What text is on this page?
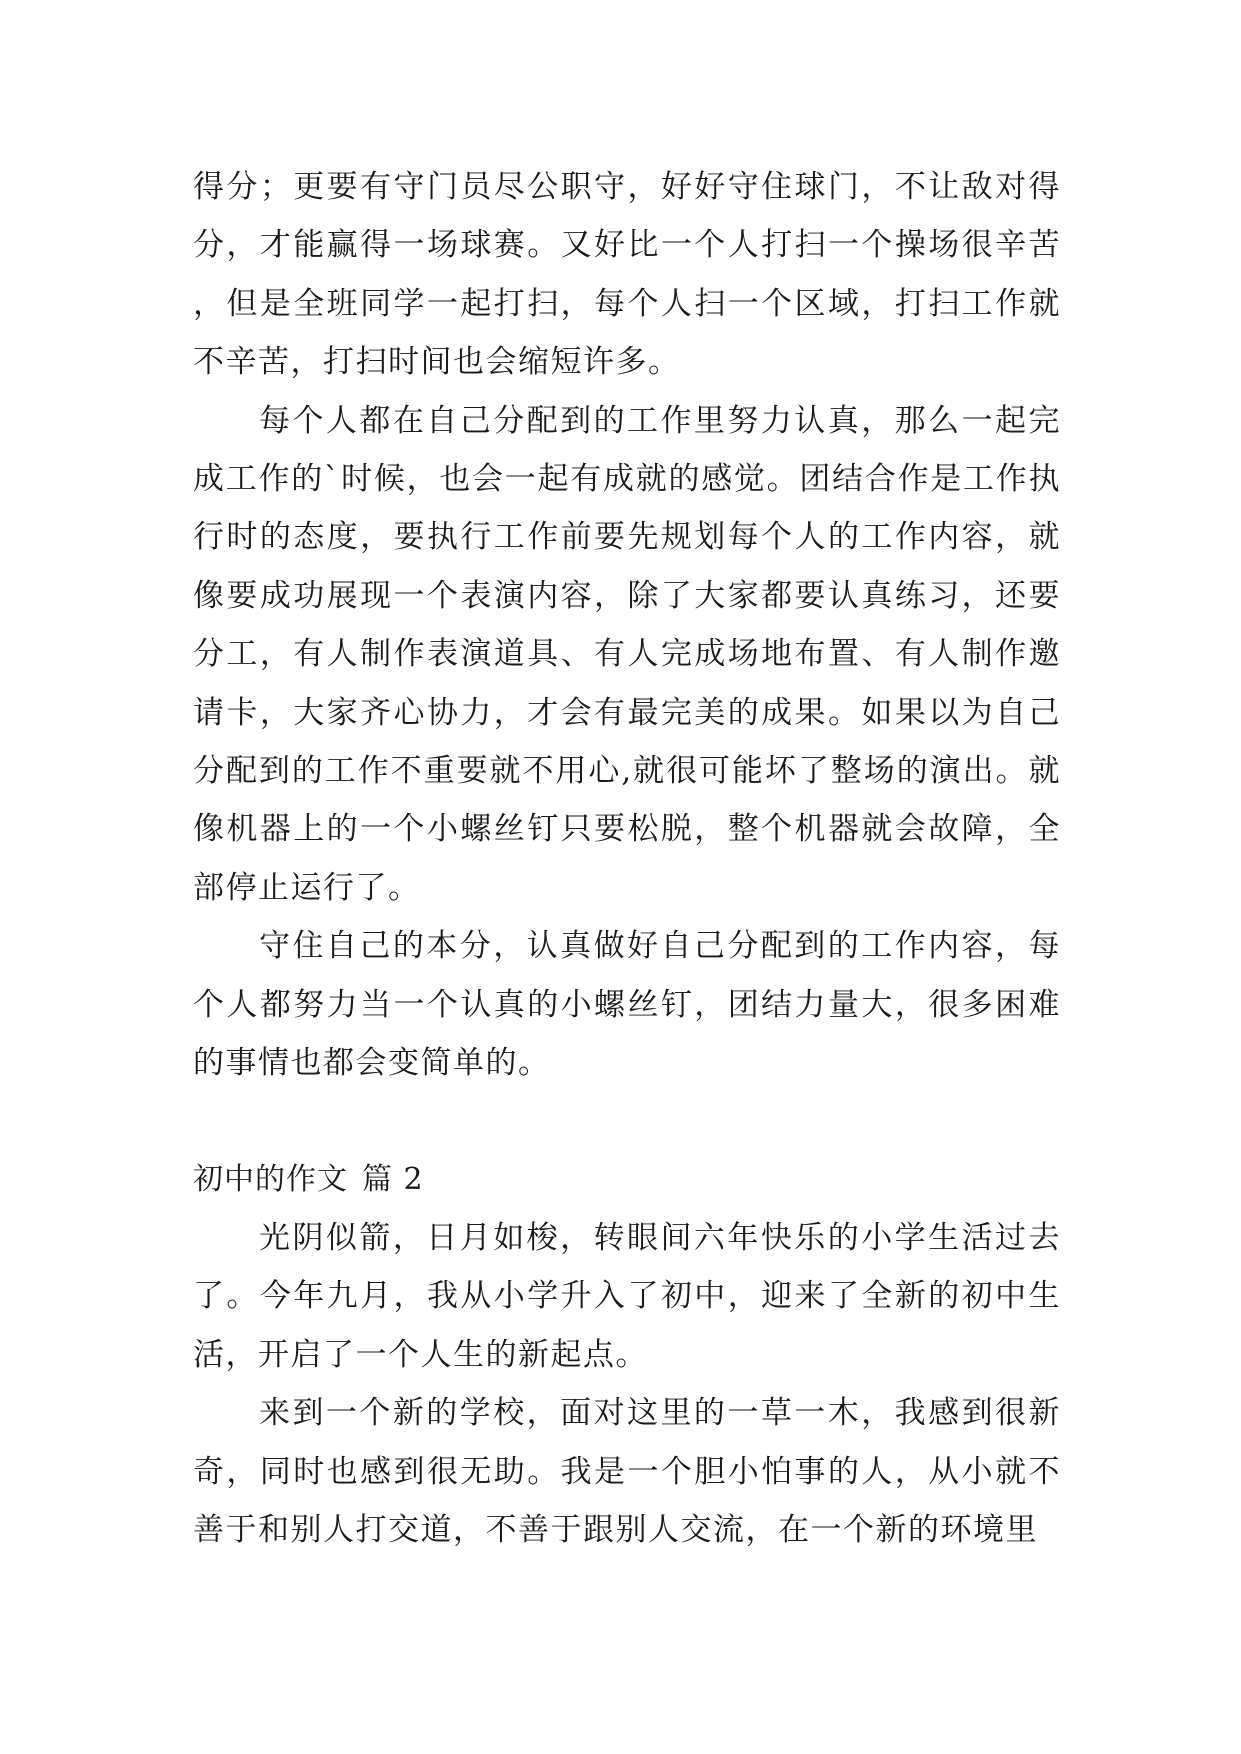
得分；更要有守门员尽公职守，好好守住球门，不让敌对得分，才能赢得一场球赛。又好比一个人打扫一个操场很辛苦，但是全班同学一起打扫，每个人扫一个区域，打扫工作就不辛苦，打扫时间也会缩短许多。

每个人都在自己分配到的工作里努力认真，那么一起完成工作的`时候，也会一起有成就的感觉。团结合作是工作执行时的态度，要执行工作前要先规划每个人的工作内容，就像要成功展现一个表演内容，除了大家都要认真练习，还要分工，有人制作表演道具、有人完成场地布置、有人制作邀请卡，大家齐心协力，才会有最完美的成果。如果以为自己分配到的工作不重要就不用心,就很可能坏了整场的演出。就像机器上的一个小螺丝钉只要松脱，整个机器就会故障，全部停止运行了。

守住自己的本分，认真做好自己分配到的工作内容，每个人都努力当一个认真的小螺丝钉，团结力量大，很多困难的事情也都会变简单的。

初中的作文 篇 2

光阴似箭，日月如梭，转眼间六年快乐的小学生活过去了。今年九月，我从小学升入了初中，迎来了全新的初中生活，开启了一个人生的新起点。

来到一个新的学校，面对这里的一草一木，我感到很新奇，同时也感到很无助。我是一个胆小怕事的人，从小就不善于和别人打交道，不善于跟别人交流，在一个新的环境里
